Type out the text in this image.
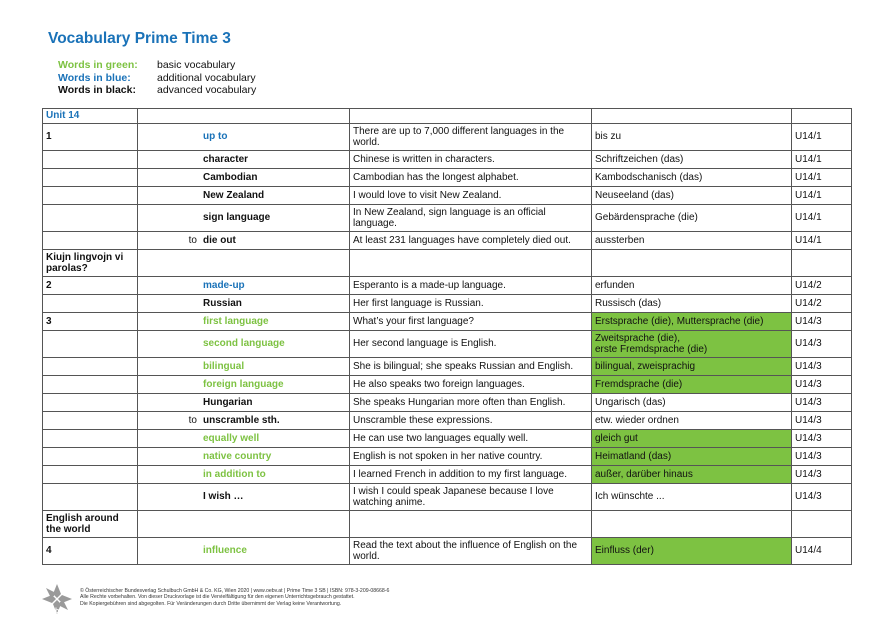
Vocabulary Prime Time 3
Words in green:	basic vocabulary
Words in blue:	additional vocabulary
Words in black:	advanced vocabulary
Unit 14				
1	up to	There are up to 7,000 different languages in the world.	bis zu	U14/1
	character	Chinese is written in characters.	Schriftzeichen (das)	U14/1
	Cambodian	Cambodian has the longest alphabet.	Kambodschanisch (das)	U14/1
	New Zealand	I would love to visit New Zealand.	Neuseeland (das)	U14/1
	sign language	In New Zealand, sign language is an official language.	Gebärdensprache (die)	U14/1
	to die out	At least 231 languages have completely died out.	aussterben	U14/1
Kiujn lingvojn vi parolas?				
2	made-up	Esperanto is a made-up language.	erfunden	U14/2
	Russian	Her first language is Russian.	Russisch (das)	U14/2
3	first language	What’s your first language?	Erstsprache (die), Muttersprache (die)	U14/3
	second language	Her second language is English.	Zweitsprache (die),
erste Fremdsprache (die)	U14/3
	bilingual	She is bilingual; she speaks Russian and English.	bilingual, zweisprachig	U14/3
	foreign language	He also speaks two foreign languages.	Fremdsprache (die)	U14/3
	Hungarian	She speaks Hungarian more often than English.	Ungarisch (das)	U14/3
	to unscramble sth.	Unscramble these expressions.	etw. wieder ordnen	U14/3
	equally well	He can use two languages equally well.	gleich gut	U14/3
	native country	English is not spoken in her native country.	Heimatland (das)	U14/3
	in addition to	I learned French in addition to my first language.	außer, darüber hinaus	U14/3
	I wish …	I wish I could speak Japanese because I love watching anime.	Ich wünschte ...	U14/3
English around the world				
4	influence	Read the text about the influence of English on the world.	Einfluss (der)	U14/4
öbv
© Österreichischer Bundesverlag Schulbuch GmbH & Co. KG, Wien 2020 | www.oebv.at | Prime Time 3 SB | ISBN: 978-3-209-08668-6
Alle Rechte vorbehalten. Von dieser Druckvorlage ist die Vervielfältigung für den eigenen Unterrichtsgebrauch gestattet.
Die Kopiergebühren sind abgegolten. Für Veränderungen durch Dritte übernimmt der Verlag keine Verantwortung.
